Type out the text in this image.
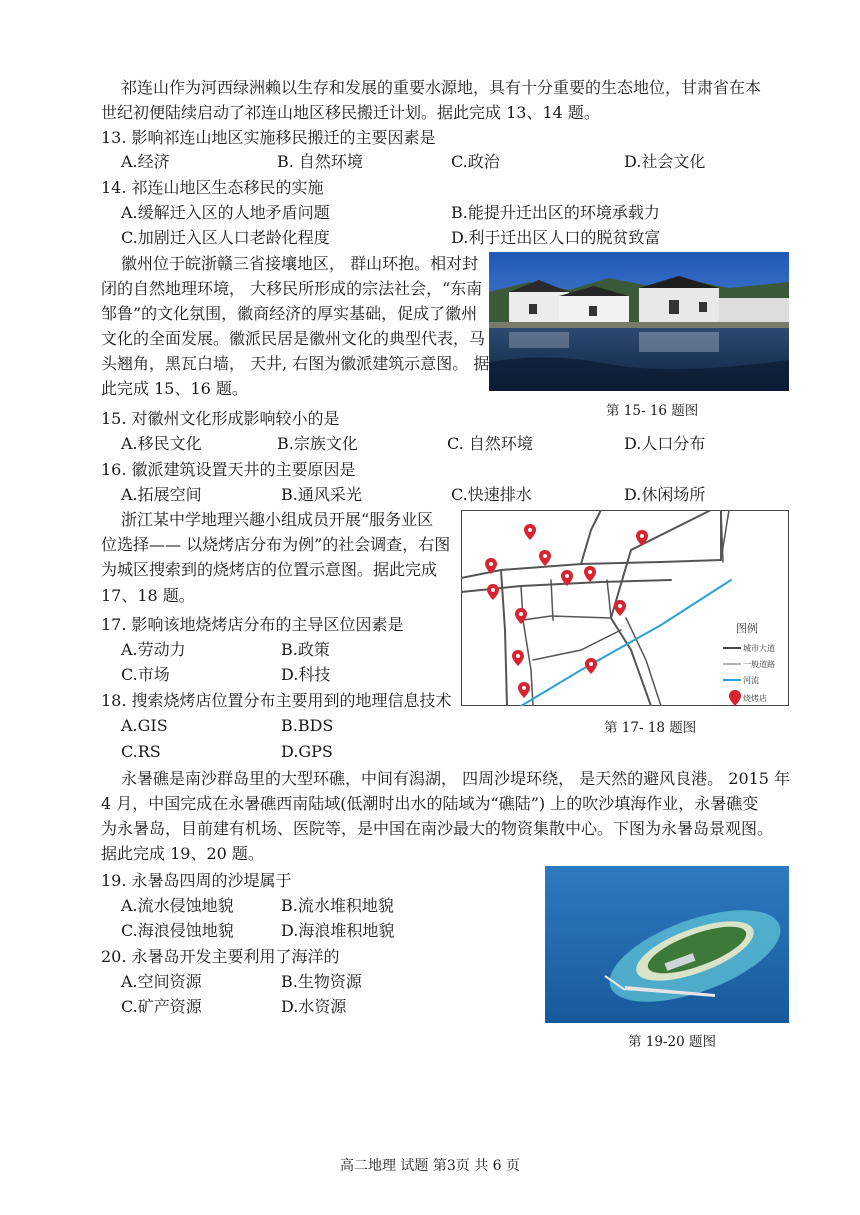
祁连山作为河西绿洲赖以生存和发展的重要水源地，具有十分重要的生态地位，甘肃省在本
世纪初便陆续启动了祁连山地区移民搬迁计划。据此完成 13、14 题。
13. 影响祁连山地区实施移民搬迁的主要因素是
A.经济	B. 自然环境	C.政治	D.社会文化
14. 祁连山地区生态移民的实施
A.缓解迁入区的人地矛盾问题	B.能提升迁出区的环境承载力
C.加剧迁入区人口老龄化程度	D.利于迁出区人口的脱贫致富
徽州位于皖浙赣三省接壤地区， 群山环抱。相对封
闭的自然地理环境， 大移民所形成的宗法社会，“东南
邹鲁”的文化氛围，徽商经济的厚实基础，促成了徽州
文化的全面发展。徽派民居是徽州文化的典型代表，马
头翘角，黑瓦白墙， 天井, 右图为徽派建筑示意图。 据
此完成 15、16 题。
第 15- 16 题图
15. 对徽州文化形成影响较小的是
A.移民文化	B.宗族文化	C. 自然环境	D.人口分布
16. 徽派建筑设置天井的主要原因是
A.拓展空间	B.通风采光	C.快速排水	D.休闲场所
浙江某中学地理兴趣小组成员开展“服务业区
位选择—— 以烧烤店分布为例”的社会调查，右图
为城区搜索到的烧烤店的位置示意图。据此完成
17、18 题。
图例
城市大道
一般道路
河流
烧烤店
第 17- 18 题图
17. 影响该地烧烤店分布的主导区位因素是
A.劳动力	B.政策
C.市场	D.科技
18. 搜索烧烤店位置分布主要用到的地理信息技术
A.GIS	B.BDS
C.RS	D.GPS
永暑礁是南沙群岛里的大型环礁，中间有潟湖， 四周沙堤环绕， 是天然的避风良港。 2015 年
4 月，中国完成在永暑礁西南陆域(低潮时出水的陆域为“礁陆”) 上的吹沙填海作业，永暑礁变
为永暑岛，目前建有机场、医院等，是中国在南沙最大的物资集散中心。下图为永暑岛景观图。
据此完成 19、20 题。
19. 永暑岛四周的沙堤属于
A.流水侵蚀地貌	B.流水堆积地貌
C.海浪侵蚀地貌	D.海浪堆积地貌
20. 永暑岛开发主要利用了海洋的
A.空间资源	B.生物资源
C.矿产资源	D.水资源
第 19-20 题图
高二地理 试题 第3页 共 6 页
